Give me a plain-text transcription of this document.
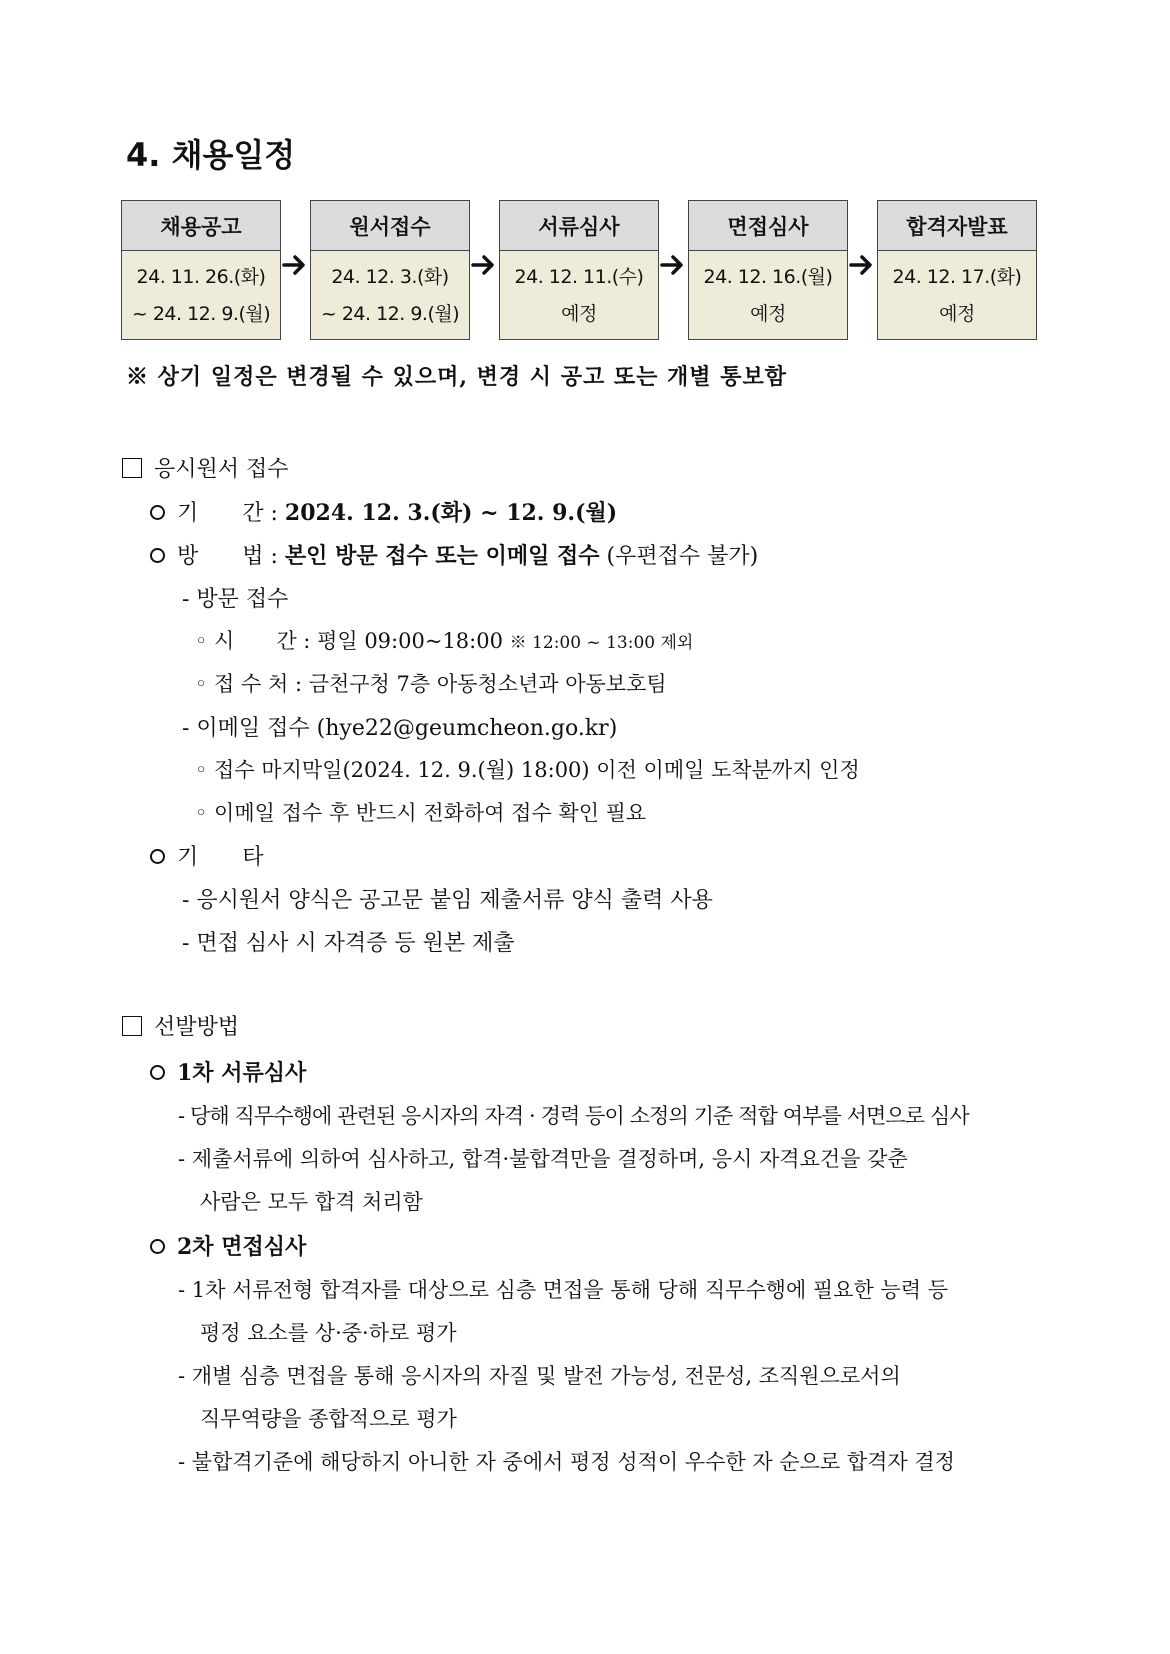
4. 채용일정
채용공고
24. 11. 26.(화)
~ 24. 12. 9.(월)
원서접수
24. 12. 3.(화)
~ 24. 12. 9.(월)
서류심사
24. 12. 11.(수)
예정
면접심사
24. 12. 16.(월)
예정
합격자발표
24. 12. 17.(화)
예정
※ 상기 일정은 변경될 수 있으며, 변경 시 공고 또는 개별 통보함
응시원서 접수
기　　간 : 2024. 12. 3.(화) ~ 12. 9.(월)
방　　법 : 본인 방문 접수 또는 이메일 접수 (우편접수 불가)
- 방문 접수
◦ 시　　간 : 평일 09:00~18:00 ※ 12:00 ~ 13:00 제외
◦ 접 수 처 : 금천구청 7층 아동청소년과 아동보호팀
- 이메일 접수 (hye22@geumcheon.go.kr)
◦ 접수 마지막일(2024. 12. 9.(월) 18:00) 이전 이메일 도착분까지 인정
◦ 이메일 접수 후 반드시 전화하여 접수 확인 필요
기　　타
- 응시원서 양식은 공고문 붙임 제출서류 양식 출력 사용
- 면접 심사 시 자격증 등 원본 제출
선발방법
1차 서류심사
- 당해 직무수행에 관련된 응시자의 자격 · 경력 등이 소정의 기준 적합 여부를 서면으로 심사
- 제출서류에 의하여 심사하고, 합격·불합격만을 결정하며, 응시 자격요건을 갖춘
사람은 모두 합격 처리함
2차 면접심사
- 1차 서류전형 합격자를 대상으로 심층 면접을 통해 당해 직무수행에 필요한 능력 등
평정 요소를 상·중·하로 평가
- 개별 심층 면접을 통해 응시자의 자질 및 발전 가능성, 전문성, 조직원으로서의
직무역량을 종합적으로 평가
- 불합격기준에 해당하지 아니한 자 중에서 평정 성적이 우수한 자 순으로 합격자 결정
